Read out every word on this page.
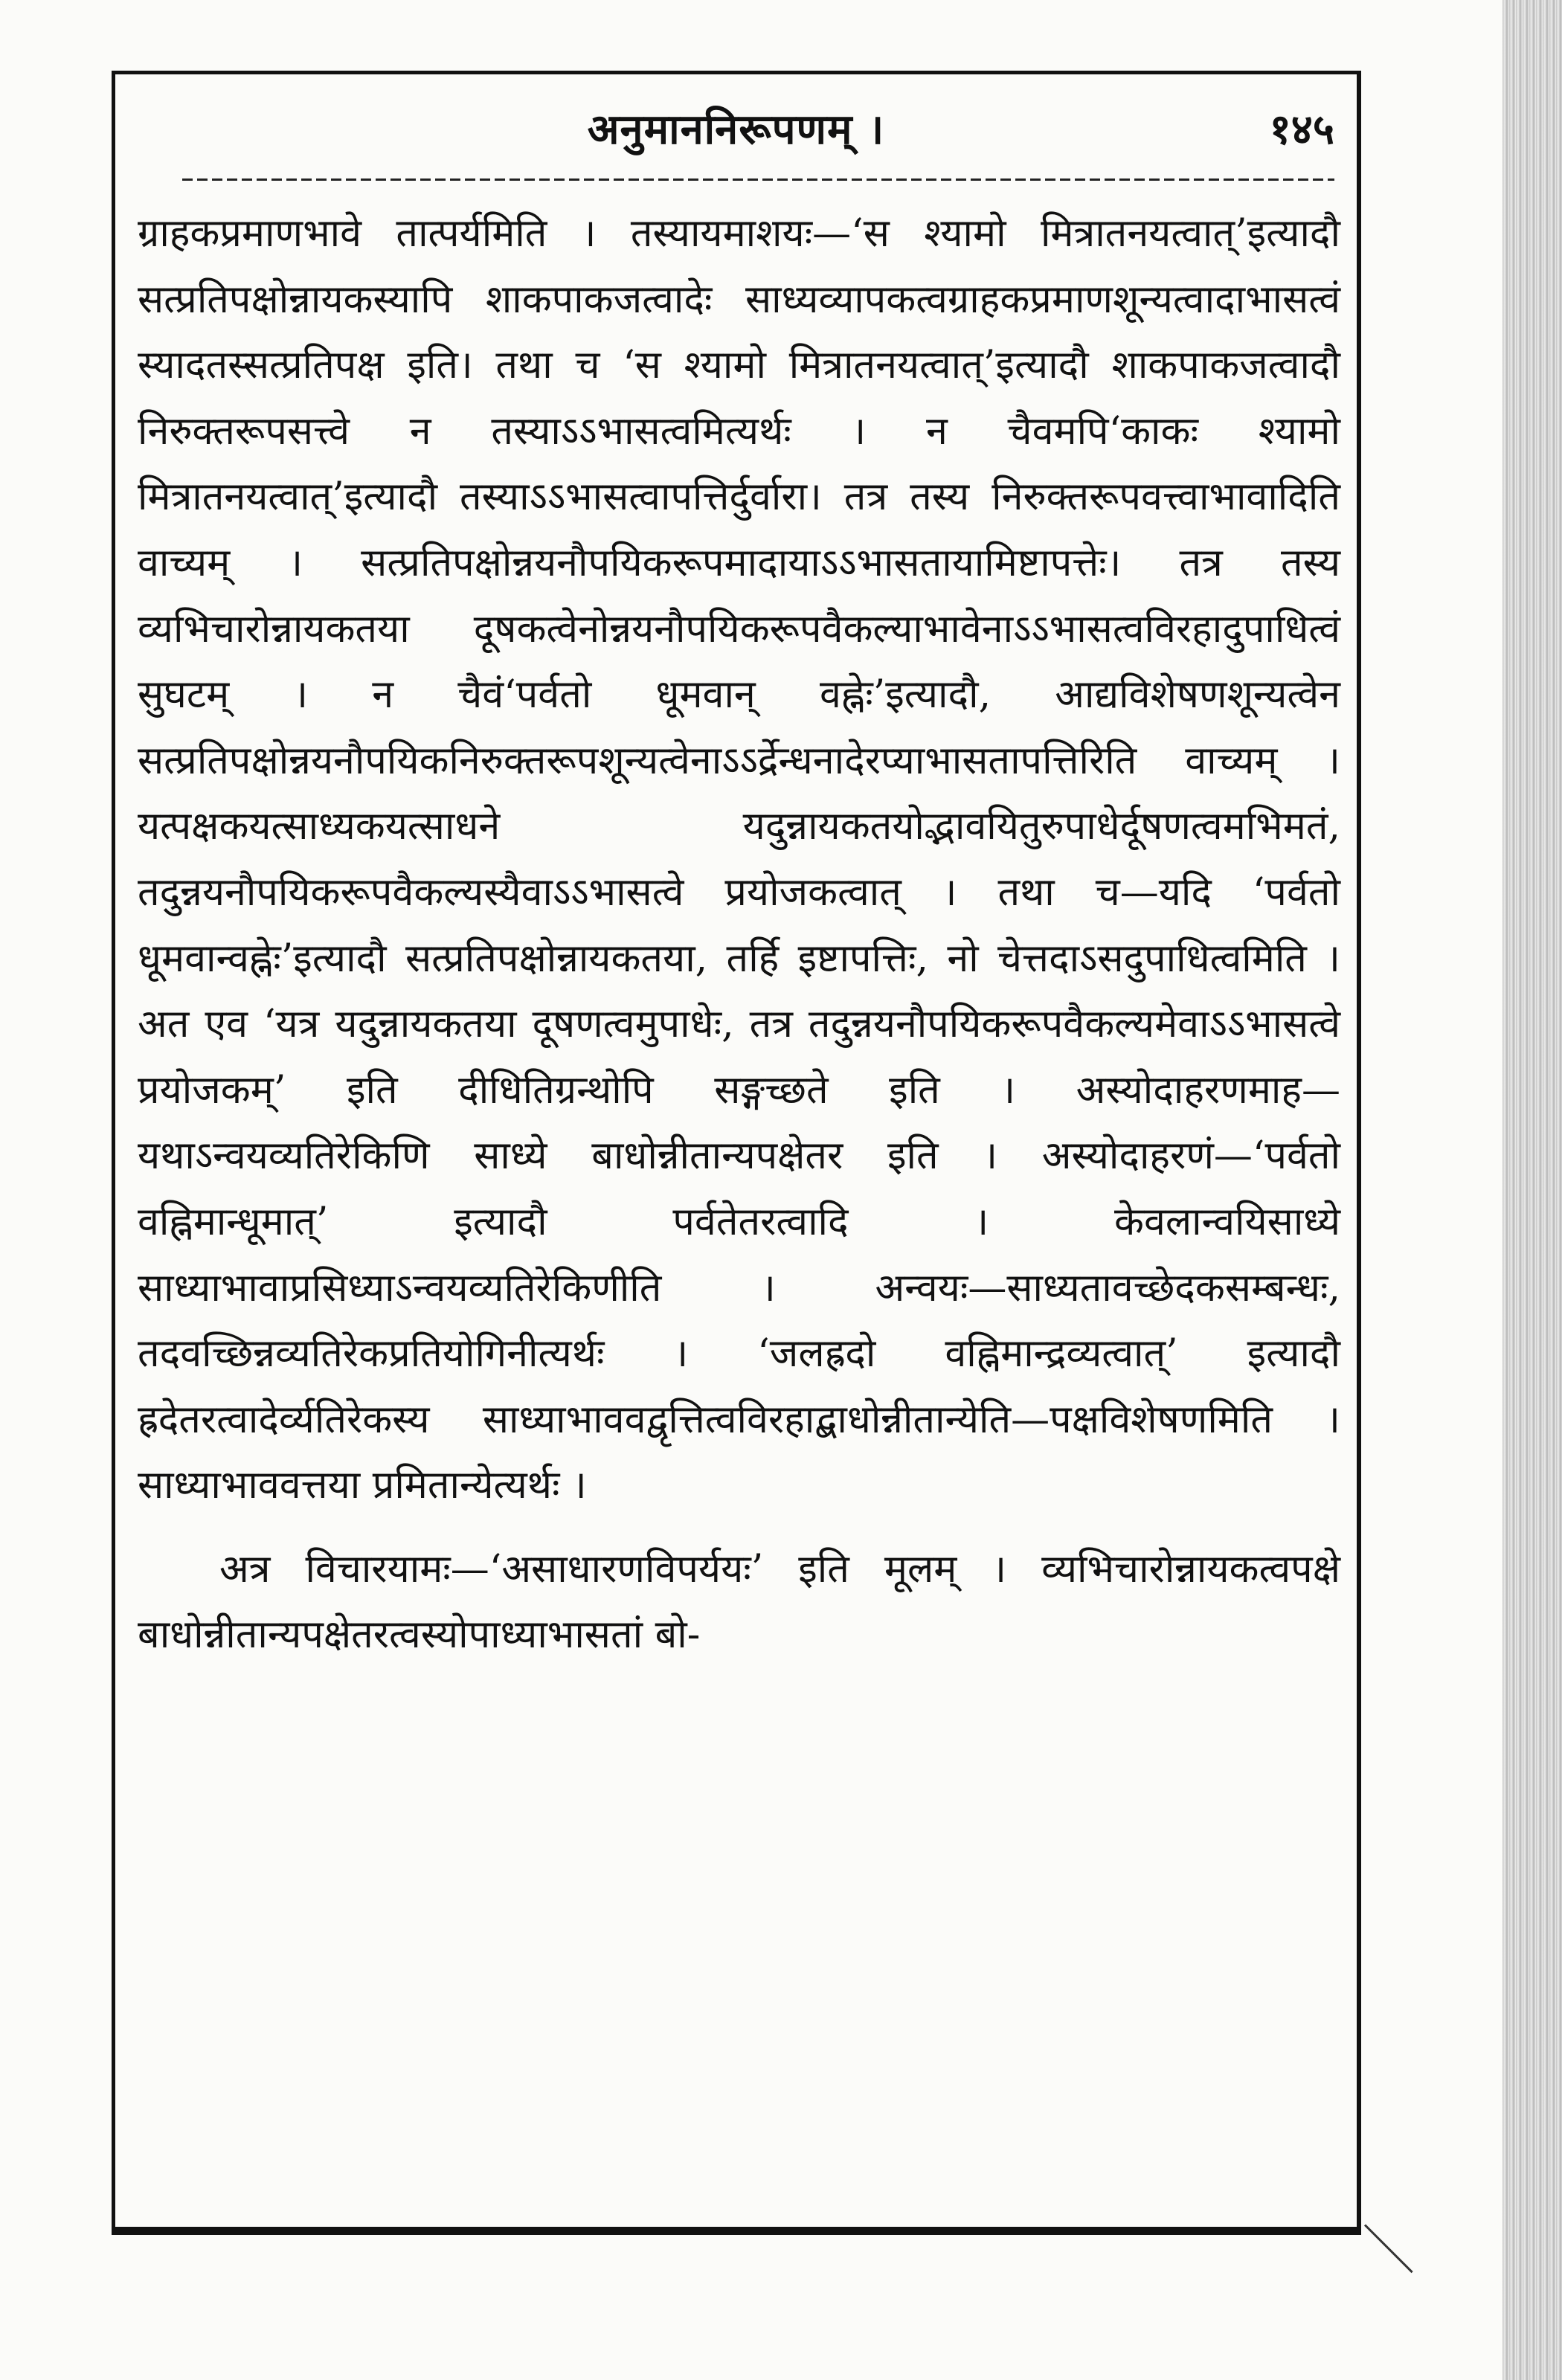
अनुमाननिरूपणम् ।	१४५

ग्राहकप्रमाणभावे तात्पर्यमिति । तस्यायमाशयः—‘स श्यामो मित्रातनयत्वात्’इत्यादौ सत्प्रतिपक्षोन्नायकस्यापि शाकपाकजत्वादेः साध्यव्यापकत्वग्राहकप्रमाणशून्यत्वादाभासत्वं स्यादतस्सत्प्रतिपक्ष इति। तथा च ‘स श्यामो मित्रातनयत्वात्’इत्यादौ शाकपाकजत्वादौ निरुक्तरूपसत्त्वे न तस्याऽऽभासत्वमित्यर्थः । न चैवमपि‘काकः श्यामो मित्रातनयत्वात्’इत्यादौ तस्याऽऽभासत्वापत्तिर्दुर्वारा। तत्र तस्य निरुक्तरूपवत्त्वाभावादिति वाच्यम् । सत्प्रतिपक्षोन्नयनौपयिकरूपमादायाऽऽभासतायामिष्टापत्तेः। तत्र तस्य व्यभिचारोन्नायकतया दूषकत्वेनोन्नयनौपयिकरूपवैकल्याभावेनाऽऽभासत्वविरहादुपाधित्वं सुघटम् । न चैवं‘पर्वतो धूमवान् वह्नेः’इत्यादौ, आद्यविशेषणशून्यत्वेन सत्प्रतिपक्षोन्नयनौपयिकनिरुक्तरूपशून्यत्वेनाऽऽर्द्रेन्धनादेरप्याभासतापत्तिरिति वाच्यम् । यत्पक्षकयत्साध्यकयत्साधने यदुन्नायकतयोद्भावयितुरुपाधेर्दूषणत्वमभिमतं, तदुन्नयनौपयिकरूपवैकल्यस्यैवाऽऽभासत्वे प्रयोजकत्वात् । तथा च—यदि ‘पर्वतो धूमवान्वह्नेः’इत्यादौ सत्प्रतिपक्षोन्नायकतया, तर्हि इष्टापत्तिः, नो चेत्तदाऽसदुपाधित्वमिति । अत एव ‘यत्र यदुन्नायकतया दूषणत्वमुपाधेः, तत्र तदुन्नयनौपयिकरूपवैकल्यमेवाऽऽभासत्वे प्रयोजकम्’ इति दीधितिग्रन्थोपि सङ्गच्छते इति । अस्योदाहरणमाह—यथाऽन्वयव्यतिरेकिणि साध्ये बाधोन्नीतान्यपक्षेतर इति । अस्योदाहरणं—‘पर्वतो वह्निमान्धूमात्’ इत्यादौ पर्वतेतरत्वादि । केवलान्वयिसाध्ये साध्याभावाप्रसिध्याऽन्वयव्यतिरेकिणीति । अन्वयः—साध्यतावच्छेदकसम्बन्धः, तदवच्छिन्नव्यतिरेकप्रतियोगिनीत्यर्थः । ‘जलह्रदो वह्निमान्द्रव्यत्वात्’ इत्यादौ ह्रदेतरत्वादेर्व्यतिरेकस्य साध्याभाववद्वृत्तित्वविरहाद्बाधोन्नीतान्येति—पक्षविशेषणमिति । साध्याभाववत्तया प्रमितान्येत्यर्थः ।

अत्र विचारयामः—‘असाधारणविपर्ययः’ इति मूलम् । व्यभिचारोन्नायकत्वपक्षे बाधोन्नीतान्यपक्षेतरत्वस्योपाध्याभासतां बो-
